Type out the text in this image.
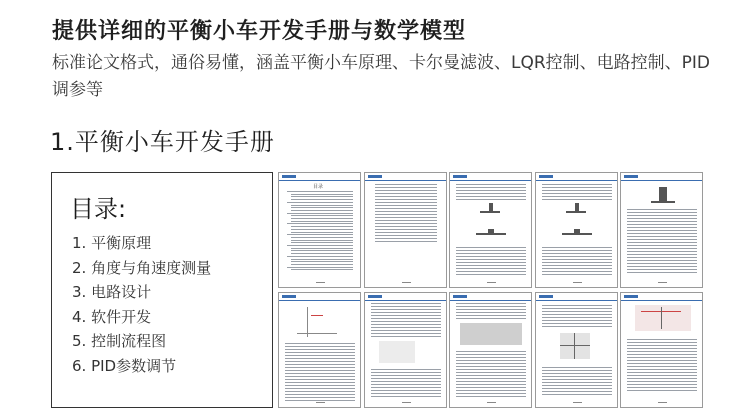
提供详细的平衡小车开发手册与数学模型
标准论文格式，通俗易懂，涵盖平衡小车原理、卡尔曼滤波、LQR控制、电路控制、PID调参等
1.平衡小车开发手册
目录:
1. 平衡原理
2. 角度与角速度测量
3. 电路设计
4. 软件开发
5. 控制流程图
6. PID参数调节
目录
